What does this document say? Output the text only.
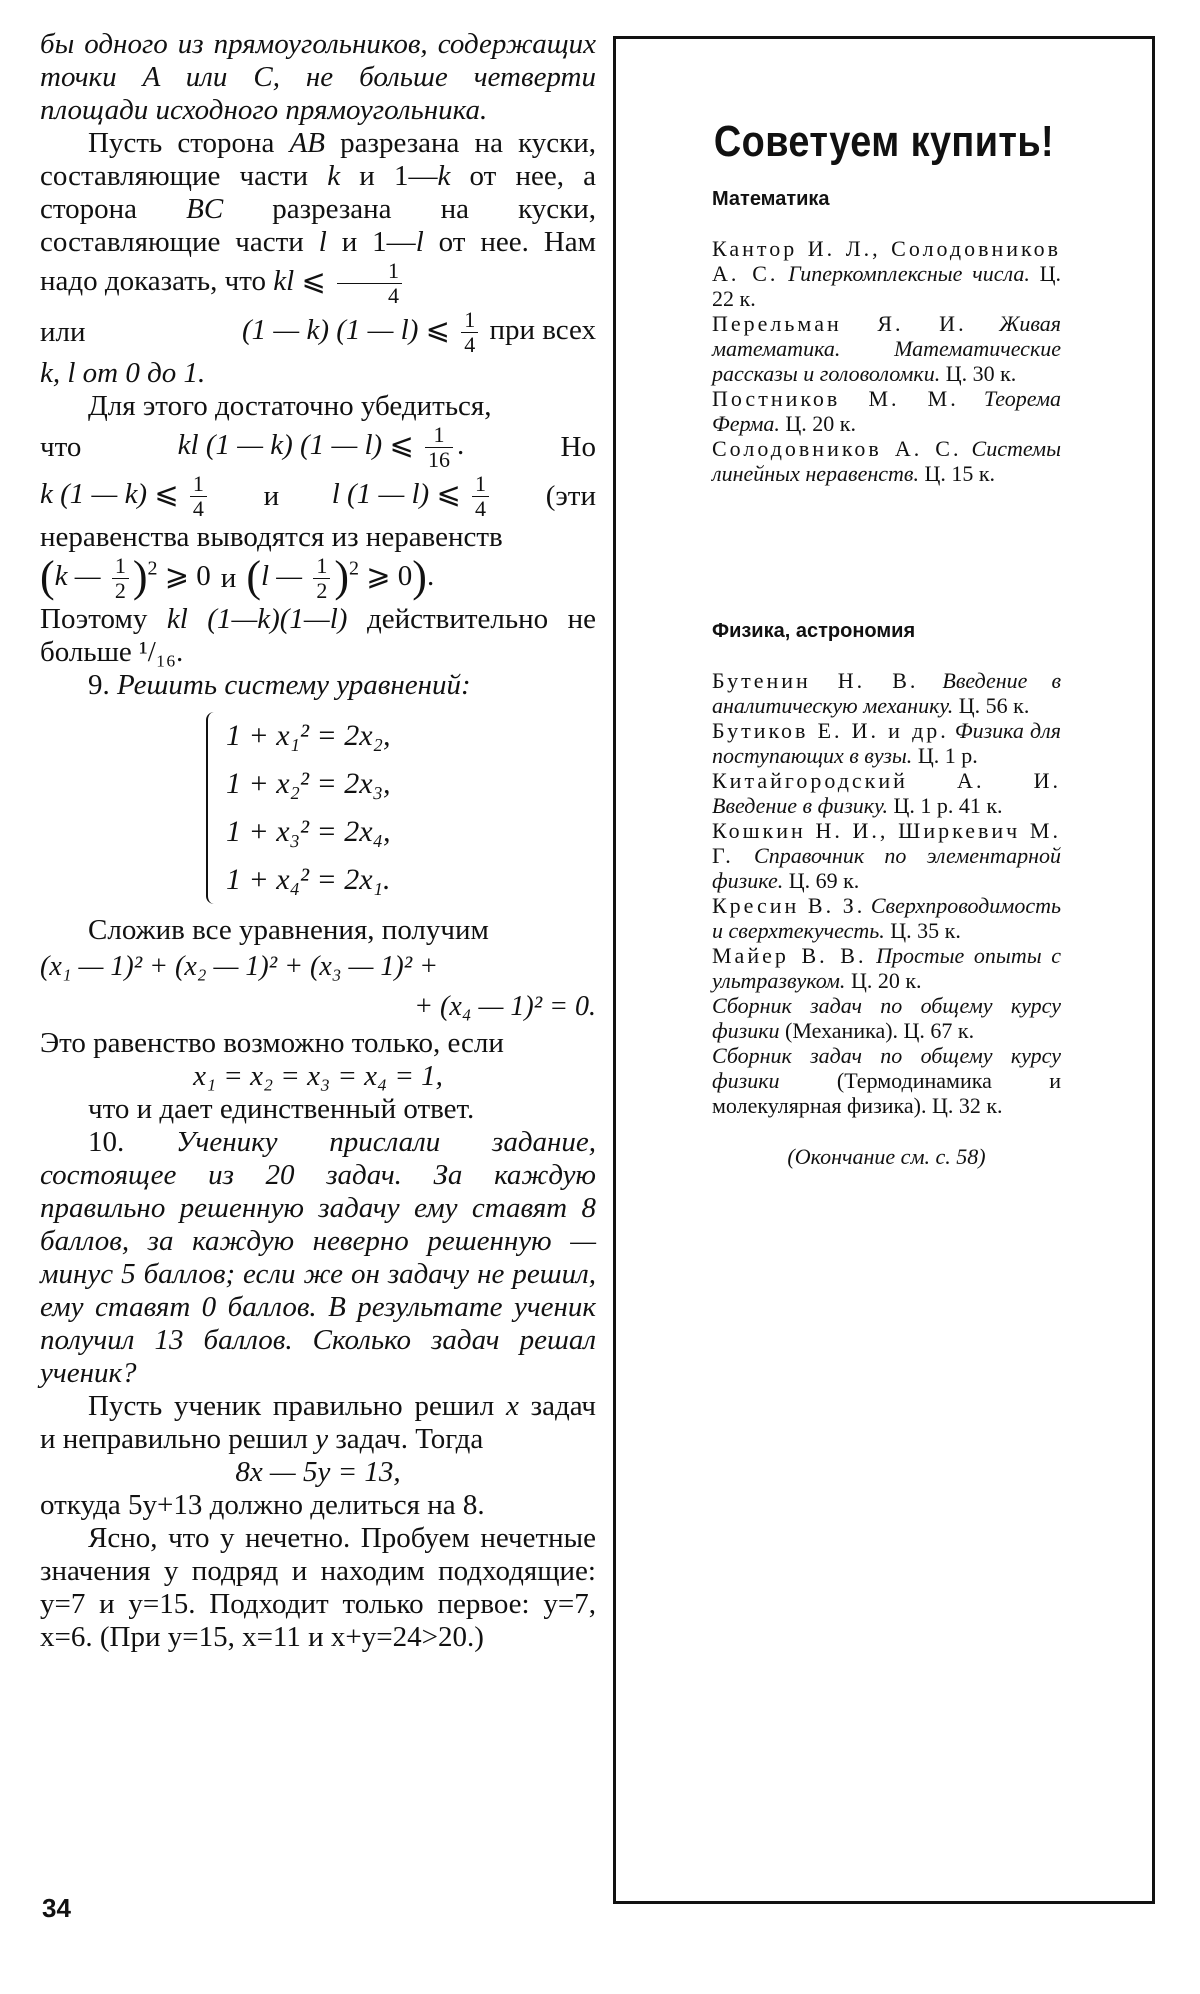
бы одного из прямоугольников, содержащих точки A или C, не больше четверти площади исходного прямоугольника.

Пусть сторона AB разрезана на куски, составляющие части k и 1—k от нее, а сторона BC разрезана на куски, составляющие части l и 1—l от нее. Нам надо доказать, что kl ⩽ $\frac{1}{4}$

или	(1 — k) (1 — l) ⩽ $\frac{1}{4}$ при всех

k, l от 0 до 1.

Для этого достаточно убедиться,

что	kl (1 — k) (1 — l) ⩽ $\frac{1}{16}$ .	Но
k (1 — k) ⩽ $\frac{1}{4}$ и l (1 — l) ⩽ $\frac{1}{4} (эти$

неравенства выводятся из неравенств

(k — $\frac{1}{2} )^2$ ⩾ 0 и (l — $\frac{1}{2} )^2$ ⩾ 0).

Поэтому kl (1—k)(1—l) действительно не больше ¹/₁₆.

9. Решить систему уравнений:

1 + x₁² = 2x₂,
1 + x₂² = 2x₃,
1 + x₃² = 2x₄,
1 + x₄² = 2x₁.

Сложив все уравнения, получим

(x₁ — 1)² + (x₂ — 1)² + (x₃ — 1)² +

+ (x₄ — 1)² = 0.

Это равенство возможно только, если

x₁ = x₂ = x₃ = x₄ = 1,

что и дает единственный ответ.

10. Ученику прислали задание, состоящее из 20 задач. За каждую правильно решенную задачу ему ставят 8 баллов, за каждую неверно решенную — минус 5 баллов; если же он задачу не решил, ему ставят 0 баллов. В результате ученик получил 13 баллов. Сколько задач решал ученик?

Пусть ученик правильно решил x задач и неправильно решил y задач. Тогда

8x — 5y = 13,

откуда 5y+13 должно делиться на 8.

Ясно, что y нечетно. Пробуем нечетные значения y подряд и находим подходящие: y=7 и y=15. Подходит только первое: y=7, x=6. (При y=15, x=11 и x+y=24>20.)

Советуем купить!
Математика

Кантор И. Л., Солодовников А. С. Гиперкомплексные числа. Ц. 22 к.

Перельман Я. И. Живая математика. Математические рассказы и головоломки. Ц. 30 к.

Постников М. М. Теорема Ферма. Ц. 20 к.

Солодовников А. С. Системы линейных неравенств. Ц. 15 к.

Физика, астрономия

Бутенин Н. В. Введение в аналитическую механику. Ц. 56 к.

Бутиков Е. И. и др. Физика для поступающих в вузы. Ц. 1 р.

Китайгородский А. И. Введение в физику. Ц. 1 р. 41 к.

Кошкин Н. И., Ширкевич М. Г. Справочник по элементарной физике. Ц. 69 к.

Кресин В. З. Сверхпроводимость и сверхтекучесть. Ц. 35 к.

Майер В. В. Простые опыты с ультразвуком. Ц. 20 к.

Сборник задач по общему курсу физики (Механика). Ц. 67 к.

Сборник задач по общему курсу физики	(Термодинамика и молекулярная физика). Ц. 32 к.

(Окончание см. с. 58)

34
